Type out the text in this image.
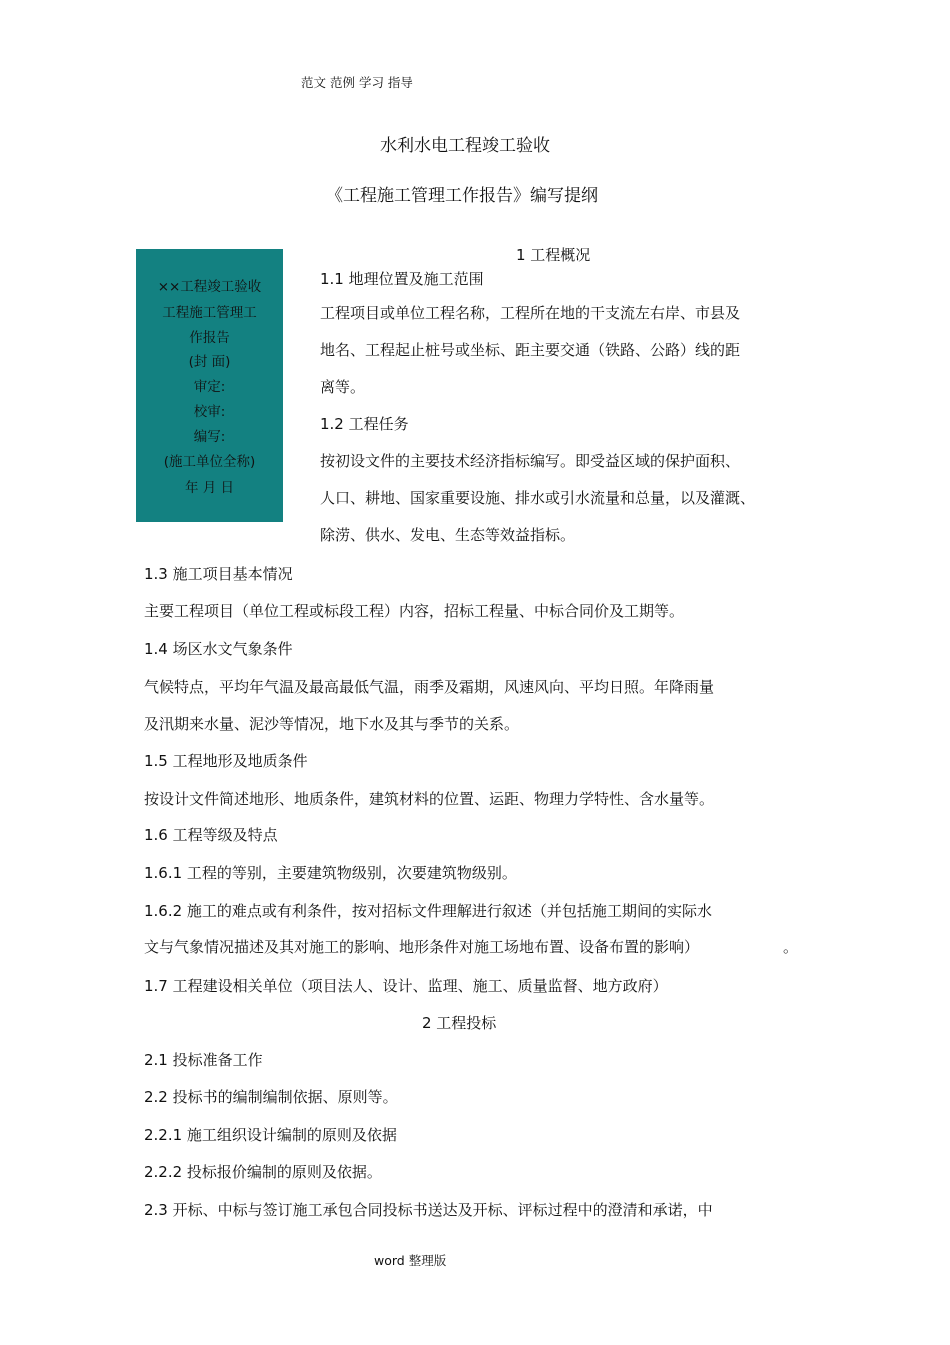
范文 范例 学习 指导
水利水电工程竣工验收
《工程施工管理工作报告》编写提纲
××工程竣工验收
工程施工管理工
作报告
(封 面)
审定:
校审:
编写:
(施工单位全称)
年 月 日
1 工程概况
1.1 地理位置及施工范围
工程项目或单位工程名称，工程所在地的干支流左右岸、市县及
地名、工程起止桩号或坐标、距主要交通（铁路、公路）线的距
离等。
1.2 工程任务
按初设文件的主要技术经济指标编写。即受益区域的保护面积、
人口、耕地、国家重要设施、排水或引水流量和总量，以及灌溉、
除涝、供水、发电、生态等效益指标。
1.3 施工项目基本情况
主要工程项目（单位工程或标段工程）内容，招标工程量、中标合同价及工期等。
1.4 场区水文气象条件
气候特点，平均年气温及最高最低气温，雨季及霜期，风速风向、平均日照。年降雨量
及汛期来水量、泥沙等情况，地下水及其与季节的关系。
1.5 工程地形及地质条件
按设计文件简述地形、地质条件，建筑材料的位置、运距、物理力学特性、含水量等。
1.6 工程等级及特点
1.6.1 工程的等别，主要建筑物级别，次要建筑物级别。
1.6.2 施工的难点或有利条件，按对招标文件理解进行叙述（并包括施工期间的实际水
文与气象情况描述及其对施工的影响、地形条件对施工场地布置、设备布置的影响）	。
1.7 工程建设相关单位（项目法人、设计、监理、施工、质量监督、地方政府）
2 工程投标
2.1 投标准备工作
2.2 投标书的编制编制依据、原则等。
2.2.1 施工组织设计编制的原则及依据
2.2.2 投标报价编制的原则及依据。
2.3 开标、中标与签订施工承包合同投标书送达及开标、评标过程中的澄清和承诺，中
word 整理版
